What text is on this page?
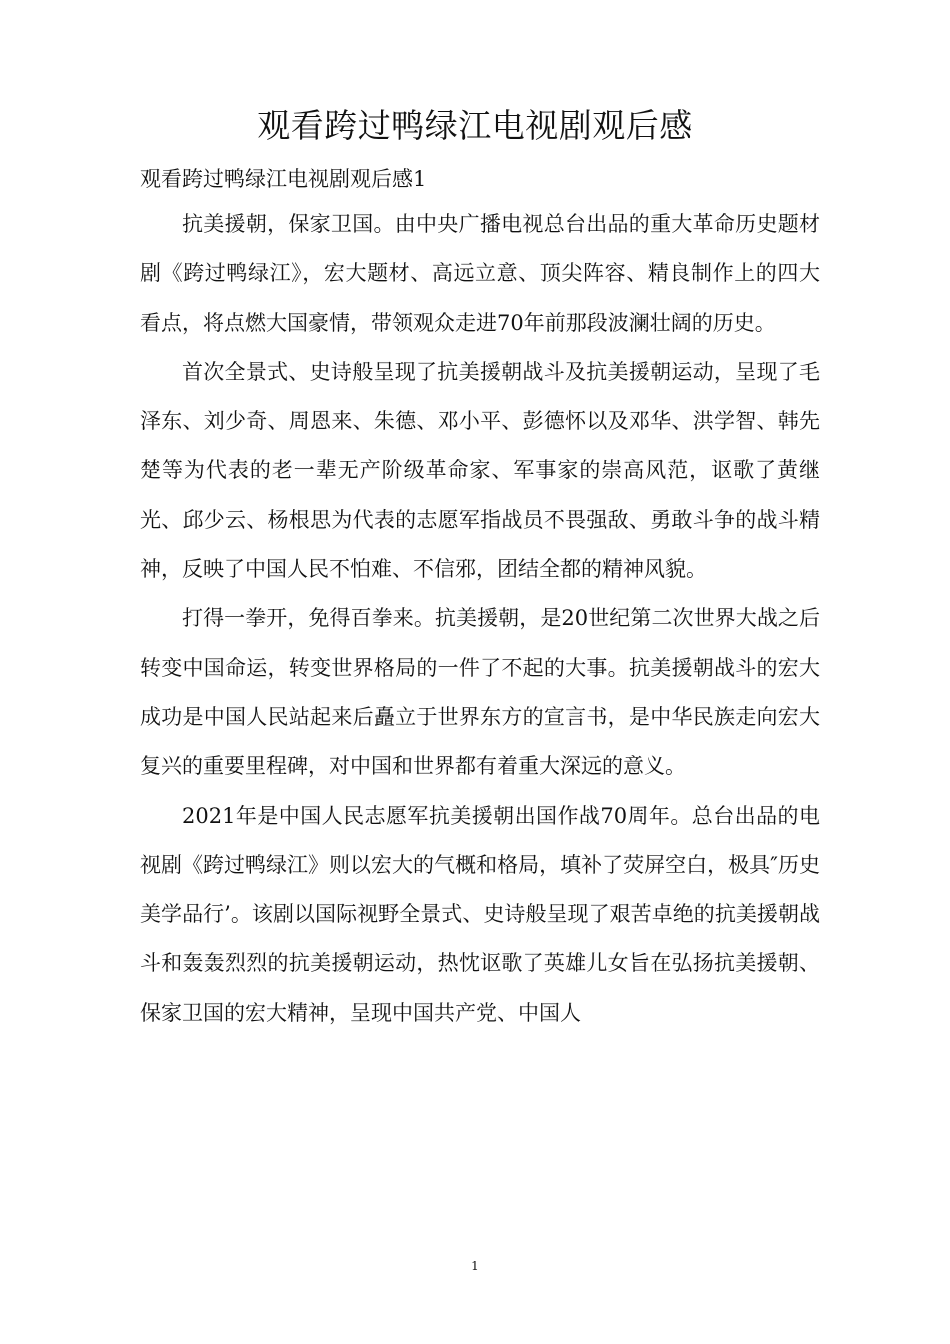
观看跨过鸭绿江电视剧观后感
观看跨过鸭绿江电视剧观后感1

抗美援朝，保家卫国。由中央广播电视总台出品的重大革命历史题材剧《跨过鸭绿江》，宏大题材、高远立意、顶尖阵容、精良制作上的四大看点，将点燃大国豪情，带领观众走进70年前那段波澜壮阔的历史。

首次全景式、史诗般呈现了抗美援朝战斗及抗美援朝运动，呈现了毛泽东、刘少奇、周恩来、朱德、邓小平、彭德怀以及邓华、洪学智、韩先楚等为代表的老一辈无产阶级革命家、军事家的崇高风范，讴歌了黄继光、邱少云、杨根思为代表的志愿军指战员不畏强敌、勇敢斗争的战斗精神，反映了中国人民不怕难、不信邪，团结全都的精神风貌。

打得一拳开，免得百拳来。抗美援朝，是20世纪第二次世界大战之后转变中国命运，转变世界格局的一件了不起的大事。抗美援朝战斗的宏大成功是中国人民站起来后矗立于世界东方的宣言书，是中华民族走向宏大复兴的重要里程碑，对中国和世界都有着重大深远的意义。

2021年是中国人民志愿军抗美援朝出国作战70周年。总台出品的电视剧《跨过鸭绿江》则以宏大的气概和格局，填补了荧屏空白，极具″历史美学品行’。该剧以国际视野全景式、史诗般呈现了艰苦卓绝的抗美援朝战斗和轰轰烈烈的抗美援朝运动，热忱讴歌了英雄儿女旨在弘扬抗美援朝、保家卫国的宏大精神，呈现中国共产党、中国人

1
